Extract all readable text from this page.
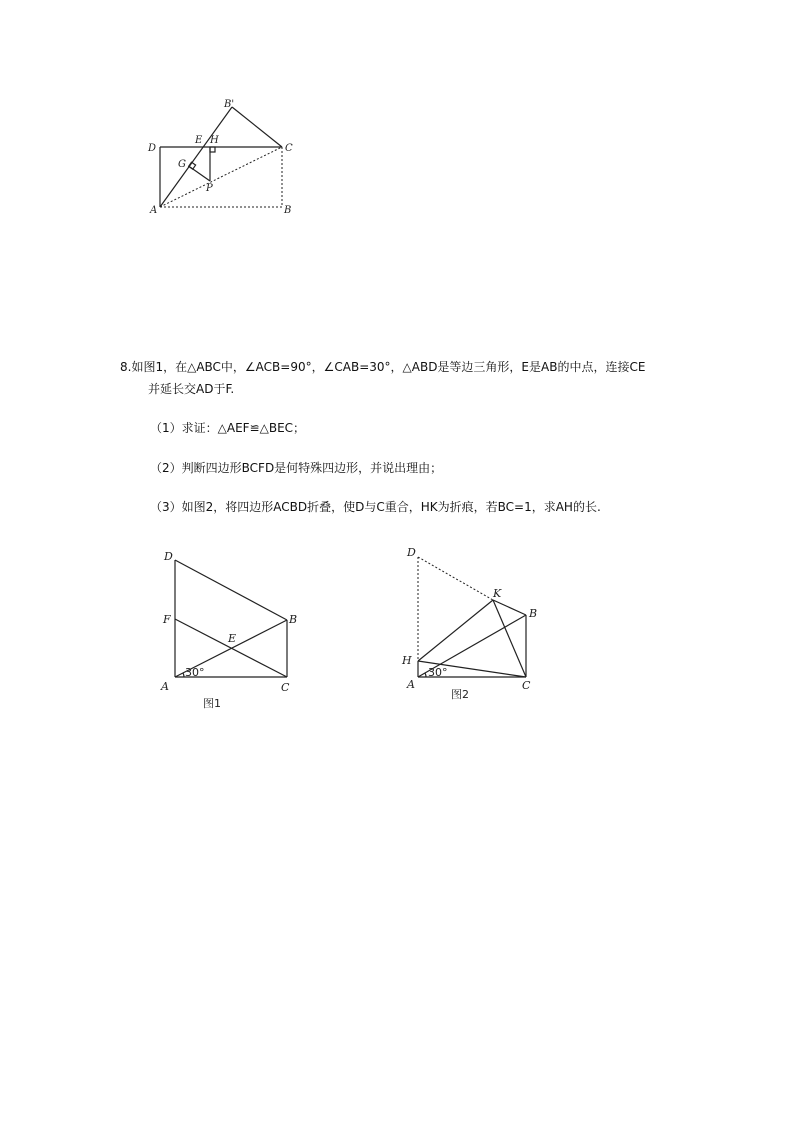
B'
D
E H
C
G
P
A	B
8.如图1，在△ABC中，∠ACB=90°，∠CAB=30°，△ABD是等边三角形，E是AB的中点，连接CE
并延长交AD于F.
（1）求证：△AEF≌△BEC；
（2）判断四边形BCFD是何特殊四边形，并说出理由；
（3）如图2，将四边形ACBD折叠，使D与C重合，HK为折痕，若BC=1，求AH的长.
30°
D
F
E
B
A	C
图1
30°
D
K
B
H
A	C
图2
